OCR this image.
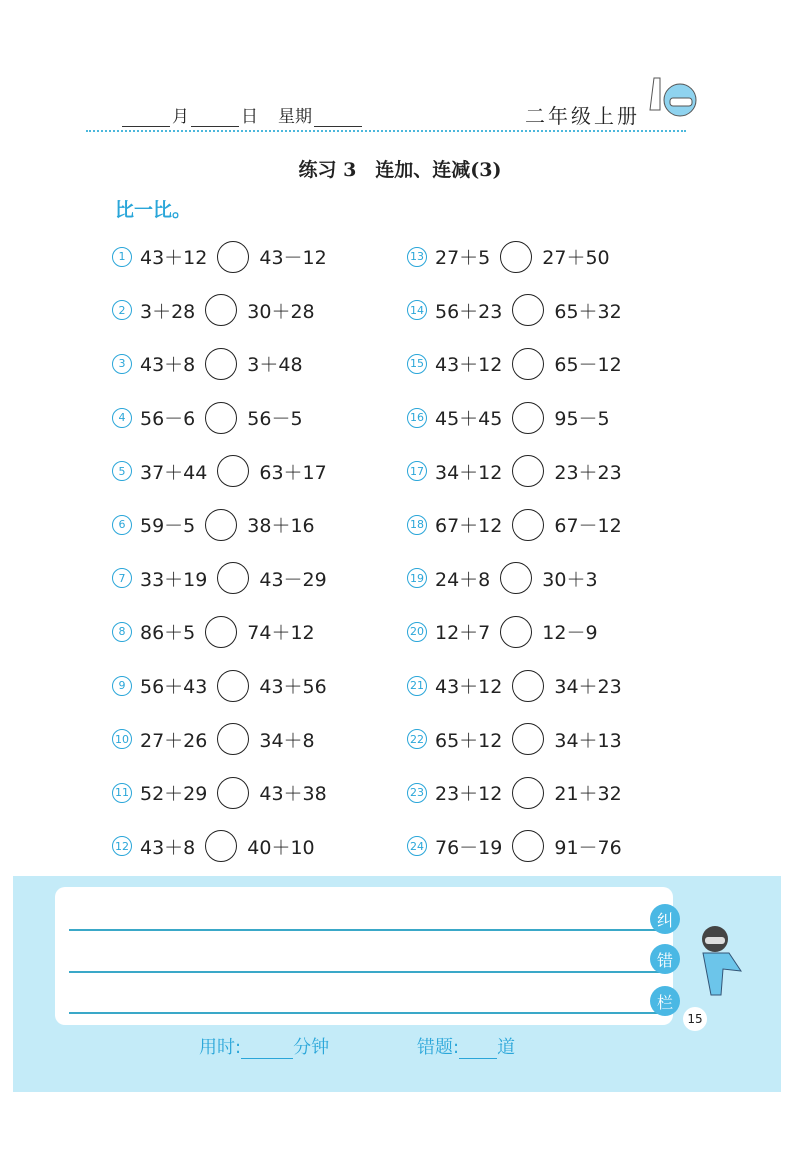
月	日 星期	二年级上册
练习 3　连加、连减(3)
比一比。
1 43＋12	43－12
2 3＋28	30＋28
3 43＋8	3＋48
4 56－6	56－5
5 37＋44	63＋17
6 59－5	38＋16
7 33＋19	43－29
8 86＋5	74＋12
9 56＋43	43＋56
10 27＋26	34＋8
11 52＋29	43＋38
12 43＋8	40＋10
13 27＋5	27＋50
14 56＋23	65＋32
15 43＋12	65－12
16 45＋45	95－5
17 34＋12	23＋23
18 67＋12	67－12
19 24＋8	30＋3
20 12＋7	12－9
21 43＋12	34＋23
22 65＋12	34＋13
23 23＋12	21＋32
24 76－19	91－76
纠
错
栏
15
用时:	分钟	错题: 道
